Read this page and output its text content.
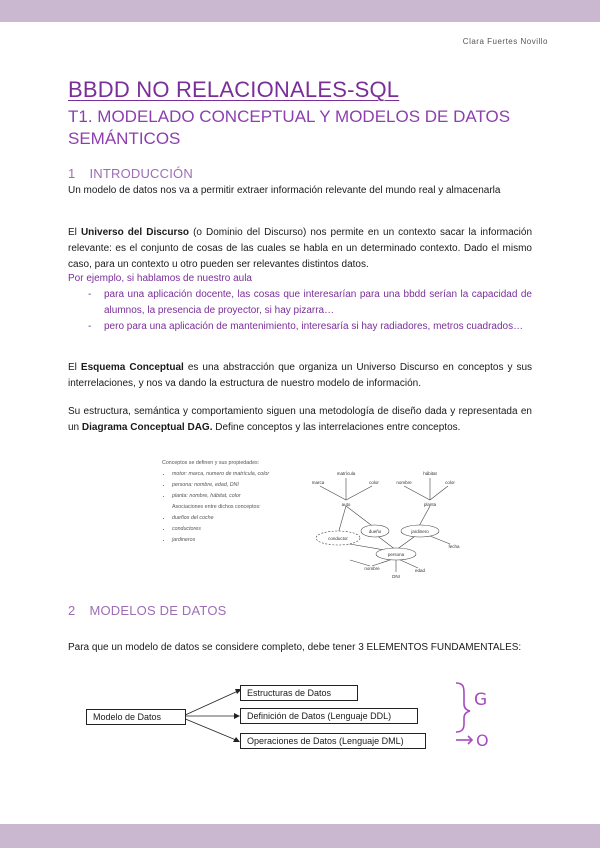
Clara Fuertes Novillo
BBDD NO RELACIONALES-SQL
T1. MODELADO CONCEPTUAL Y MODELOS DE DATOS SEMÁNTICOS
1 INTRODUCCIÓN
Un modelo de datos nos va a permitir extraer información relevante del mundo real y almacenarla
El Universo del Discurso (o Dominio del Discurso) nos permite en un contexto sacar la información relevante: es el conjunto de cosas de las cuales se habla en un determinado contexto. Dado el mismo caso, para un contexto u otro pueden ser relevantes distintos datos.
Por ejemplo, si hablamos de nuestro aula
- para una aplicación docente, las cosas que interesarían para una bbdd serían la capacidad de alumnos, la presencia de proyector, si hay pizarra…
- pero para una aplicación de mantenimiento, interesaría si hay radiadores, metros cuadrados…
El Esquema Conceptual es una abstracción que organiza un Universo Discurso en conceptos y sus interrelaciones, y nos va dando la estructura de nuestro modelo de información.
Su estructura, semántica y comportamiento siguen una metodología de diseño dada y representada en un Diagrama Conceptual DAG. Define conceptos y las interrelaciones entre conceptos.
Conceptos se definen y sus propiedades:
• motor: marca, numero de matrícula, color
• persona: nombre, edad, DNI
• planta: nombre, hábitat, color
Asociaciones entre dichos conceptos:
• dueños del coche
• conductores
• jardineros
matrícula
marca	color
auto
hábitat
nombre	color
planta
dueño	jardinero
conductor
persona
nombre	edad
DNI
fecha
2 MODELOS DE DATOS
Para que un modelo de datos se considere completo, debe tener 3 ELEMENTOS FUNDAMENTALES:
Modelo de Datos
Estructuras de Datos
Definición de Datos (Lenguaje DDL)
Operaciones de Datos (Lenguaje DML)
G
O
